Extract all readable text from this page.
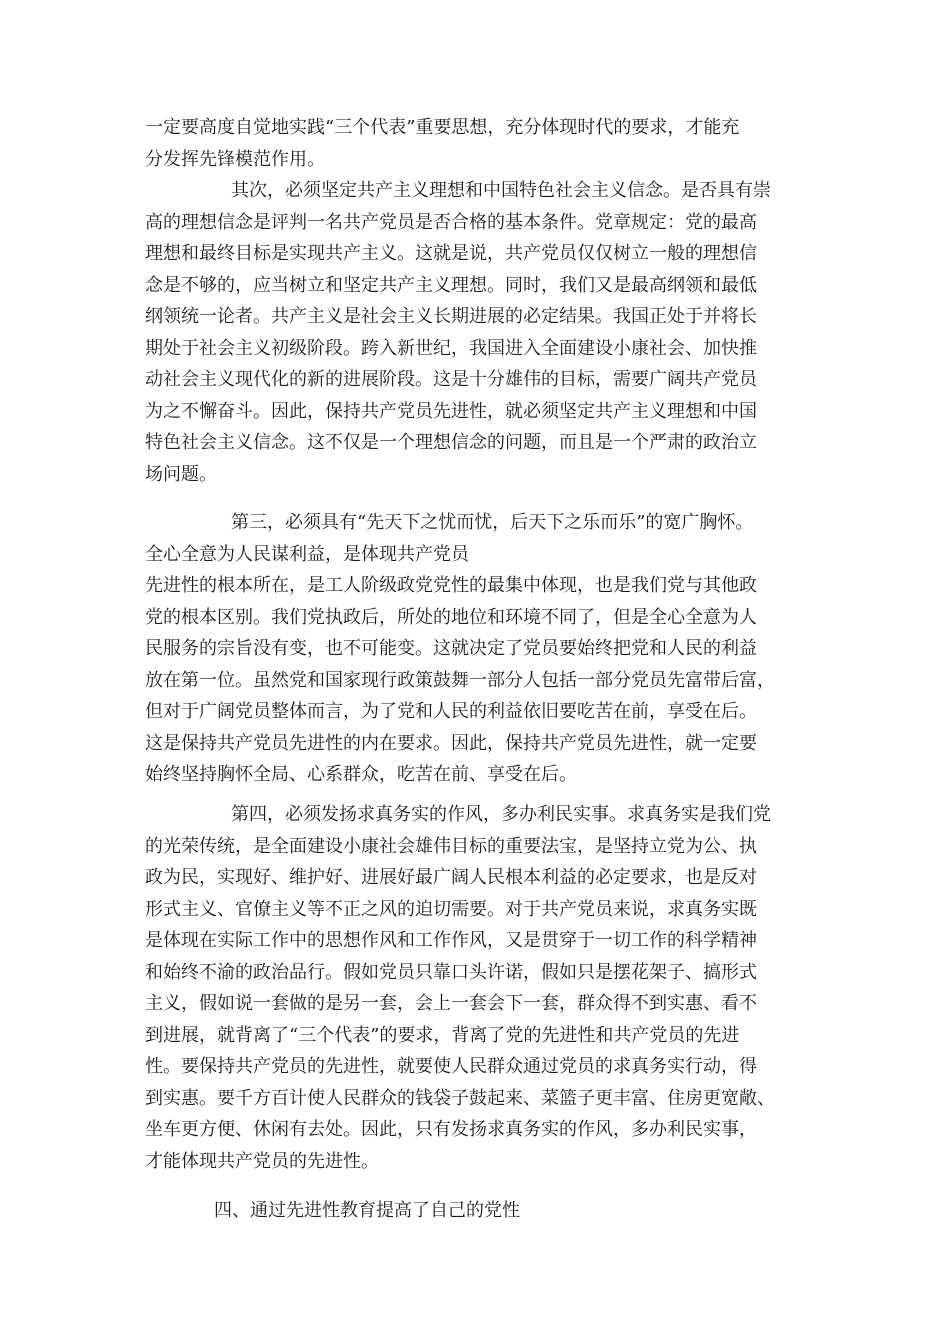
一定要高度自觉地实践“三个代表”重要思想，充分体现时代的要求，才能充
分发挥先锋模范作用。
其次，必须坚定共产主义理想和中国特色社会主义信念。是否具有崇
高的理想信念是评判一名共产党员是否合格的基本条件。党章规定：党的最高
理想和最终目标是实现共产主义。这就是说，共产党员仅仅树立一般的理想信
念是不够的，应当树立和坚定共产主义理想。同时，我们又是最高纲领和最低
纲领统一论者。共产主义是社会主义长期进展的必定结果。我国正处于并将长
期处于社会主义初级阶段。跨入新世纪，我国进入全面建设小康社会、加快推
动社会主义现代化的新的进展阶段。这是十分雄伟的目标，需要广阔共产党员
为之不懈奋斗。因此，保持共产党员先进性，就必须坚定共产主义理想和中国
特色社会主义信念。这不仅是一个理想信念的问题，而且是一个严肃的政治立
场问题。
第三，必须具有“先天下之忧而忧，后天下之乐而乐”的宽广胸怀。
全心全意为人民谋利益，是体现共产党员
先进性的根本所在，是工人阶级政党党性的最集中体现，也是我们党与其他政
党的根本区别。我们党执政后，所处的地位和环境不同了，但是全心全意为人
民服务的宗旨没有变，也不可能变。这就决定了党员要始终把党和人民的利益
放在第一位。虽然党和国家现行政策鼓舞一部分人包括一部分党员先富带后富，
但对于广阔党员整体而言，为了党和人民的利益依旧要吃苦在前，享受在后。
这是保持共产党员先进性的内在要求。因此，保持共产党员先进性，就一定要
始终坚持胸怀全局、心系群众，吃苦在前、享受在后。
第四，必须发扬求真务实的作风，多办利民实事。求真务实是我们党
的光荣传统，是全面建设小康社会雄伟目标的重要法宝，是坚持立党为公、执
政为民，实现好、维护好、进展好最广阔人民根本利益的必定要求，也是反对
形式主义、官僚主义等不正之风的迫切需要。对于共产党员来说，求真务实既
是体现在实际工作中的思想作风和工作作风，又是贯穿于一切工作的科学精神
和始终不渝的政治品行。假如党员只靠口头许诺，假如只是摆花架子、搞形式
主义，假如说一套做的是另一套，会上一套会下一套，群众得不到实惠、看不
到进展，就背离了“三个代表”的要求，背离了党的先进性和共产党员的先进
性。要保持共产党员的先进性，就要使人民群众通过党员的求真务实行动，得
到实惠。要千方百计使人民群众的钱袋子鼓起来、菜篮子更丰富、住房更宽敞、
坐车更方便、休闲有去处。因此，只有发扬求真务实的作风，多办利民实事，
才能体现共产党员的先进性。
四、通过先进性教育提高了自己的党性
